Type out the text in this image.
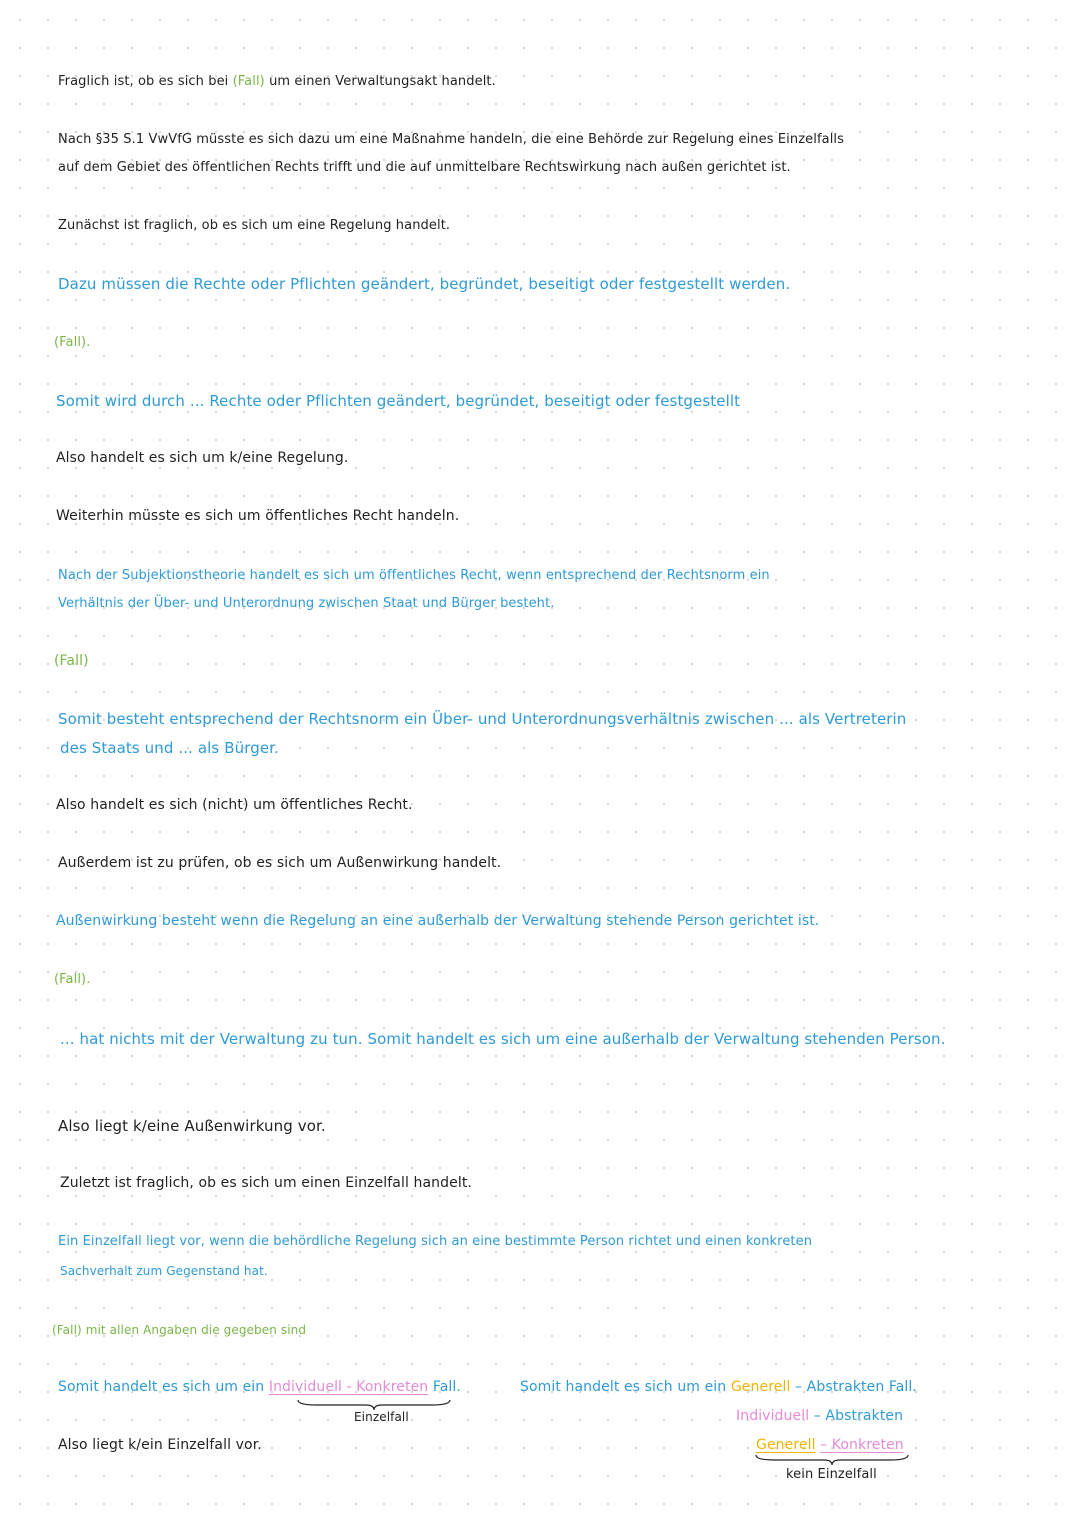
Fraglich ist, ob es sich bei (Fall) um einen Verwaltungsakt handelt.
Nach §35 S.1 VwVfG müsste es sich dazu um eine Maßnahme handeln, die eine Behörde zur Regelung eines Einzelfalls
auf dem Gebiet des öffentlichen Rechts trifft und die auf unmittelbare Rechtswirkung nach außen gerichtet ist.
Zunächst ist fraglich, ob es sich um eine Regelung handelt.
Dazu müssen die Rechte oder Pflichten geändert, begründet, beseitigt oder festgestellt werden.
(Fall).
Somit wird durch ... Rechte oder Pflichten geändert, begründet, beseitigt oder festgestellt
Also handelt es sich um k/eine Regelung.
Weiterhin müsste es sich um öffentliches Recht handeln.
Nach der Subjektionstheorie handelt es sich um öffentliches Recht, wenn entsprechend der Rechtsnorm ein
Verhältnis der Über- und Unterordnung zwischen Staat und Bürger besteht.
(Fall)
Somit besteht entsprechend der Rechtsnorm ein Über- und Unterordnungsverhältnis zwischen ... als Vertreterin
des Staats und ... als Bürger.
Also handelt es sich (nicht) um öffentliches Recht.
Außerdem ist zu prüfen, ob es sich um Außenwirkung handelt.
Außenwirkung besteht wenn die Regelung an eine außerhalb der Verwaltung stehende Person gerichtet ist.
(Fall).
... hat nichts mit der Verwaltung zu tun. Somit handelt es sich um eine außerhalb der Verwaltung stehenden Person.
Also liegt k/eine Außenwirkung vor.
Zuletzt ist fraglich, ob es sich um einen Einzelfall handelt.
Ein Einzelfall liegt vor, wenn die behördliche Regelung sich an eine bestimmte Person richtet und einen konkreten
Sachverhalt zum Gegenstand hat.
(Fall) mit allen Angaben die gegeben sind
Somit handelt es sich um ein Individuell - Konkreten Fall.
Einzelfall
Also liegt k/ein Einzelfall vor.
Somit handelt es sich um ein Generell – Abstrakten Fall.
Individuell – Abstrakten
Generell – Konkreten
kein Einzelfall
